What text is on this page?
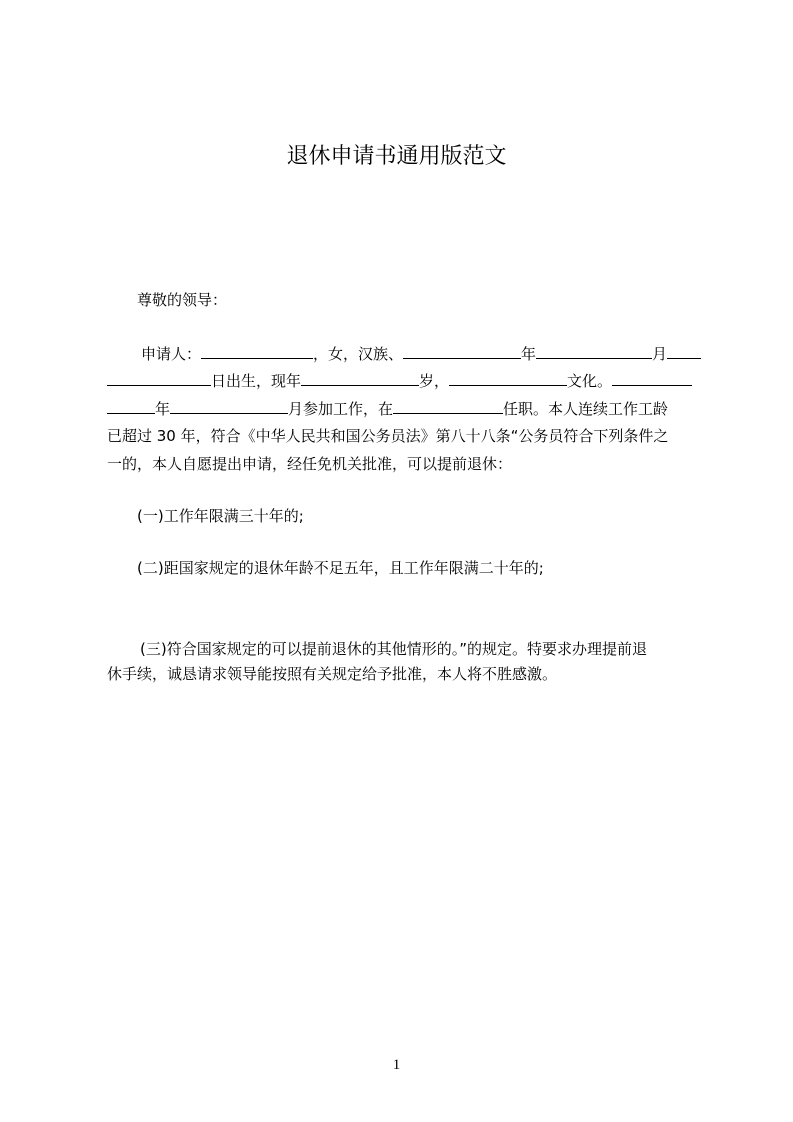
退休申请书通用版范文
尊敬的领导：
申请人：	，女，汉族、	年	月
日出生，现年	岁，	文化。
年	月参加工作，在	任职。本人连续工作工龄
已超过 30 年，符合《中华人民共和国公务员法》第八十八条“公务员符合下列条件之
一的，本人自愿提出申请，经任免机关批准，可以提前退休：
(一)工作年限满三十年的;
(二)距国家规定的退休年龄不足五年，且工作年限满二十年的;
(三)符合国家规定的可以提前退休的其他情形的。”的规定。特要求办理提前退
休手续，诚恳请求领导能按照有关规定给予批准，本人将不胜感激。
1
